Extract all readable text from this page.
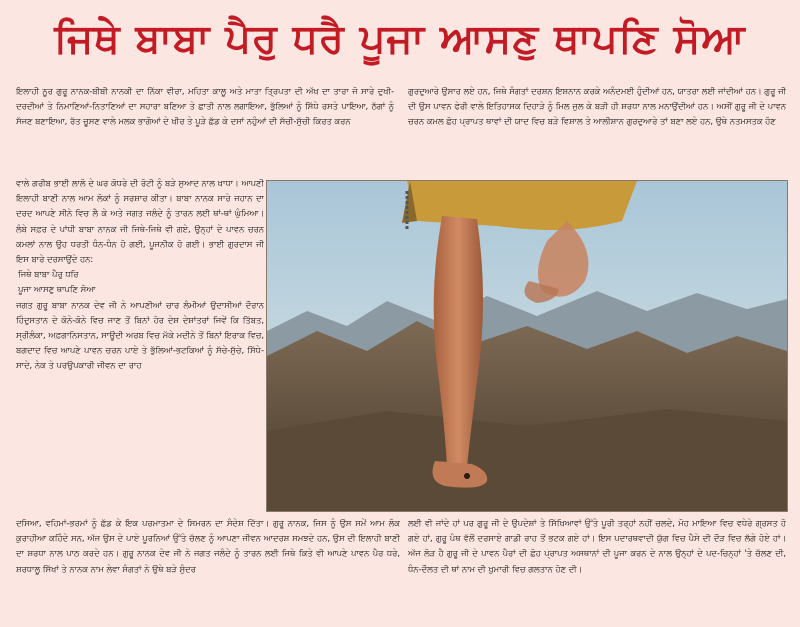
ਜਿਥੇ ਬਾਬਾ ਪੈਰੁ ਧਰੈ ਪੂਜਾ ਆਸਣੁ ਥਾਪਣਿ ਸੋਆ

ਇਲਾਹੀ ਨੂਰ ਗੁਰੂ ਨਾਨਕ-ਬੀਬੀ ਨਾਨਕੀ ਦਾ ਨਿੱਕਾ ਵੀਰਾ, ਮਹਿਤਾ ਕਾਲੂ ਅਤੇ ਮਾਤਾ ਤ੍ਰਿਪਤਾ ਦੀ ਅੱਖ ਦਾ ਤਾਰਾ ਜੋ ਸਾਰੇ ਦੁਖੀ-ਦਰਦੀਆਂ ਤੇ ਨਿਮਾਣਿਆਂ-ਨਿਤਾਣਿਆਂ ਦਾ ਸਹਾਰਾ ਬਣਿਆ ਤੇ ਛਾਤੀ ਨਾਲ ਲਗਾਇਆ, ਭੁੱਲਿਆਂ ਨੂੰ ਸਿੱਧੇ ਰਸਤੇ ਪਾਇਆ, ਠੱਗਾਂ ਨੂੰ ਸੱਜਣ ਬਣਾਇਆ, ਰੱਤ ਚੂਸਣ ਵਾਲੇ ਮਲਕ ਭਾਗੋਆਂ ਦੇ ਖੀਰ ਤੇ ਪੂੜੇ ਛੱਡ ਕੇ ਦਸਾਂ ਨਹੁੰਆਂ ਦੀ ਸੱਚੀ-ਸੁੱਚੀ ਕਿਰਤ ਕਰਨ

ਗੁਰਦੁਆਰੇ ਉਸਾਰ ਲਏ ਹਨ, ਜਿਥੇ ਸੰਗਤਾਂ ਦਰਸ਼ਨ ਇਸ਼ਨਾਨ ਕਰਕੇ ਅਨੰਦਮਈ ਹੁੰਦੀਆਂ ਹਨ, ਯਾਤਰਾ ਲਈ ਜਾਂਦੀਆਂ ਹਨ। ਗੁਰੂ ਜੀ ਦੀ ਉਸ ਪਾਵਨ ਫੇਰੀ ਵਾਲੇ ਇਤਿਹਾਸਕ ਦਿਹਾੜੇ ਨੂੰ ਮਿਲ ਜੁਲ ਕੇ ਬੜੀ ਹੀ ਸ਼ਰਧਾ ਨਾਲ ਮਨਾਉਂਦੀਆਂ ਹਨ। ਅਸੀਂ ਗੁਰੂ ਜੀ ਦੇ ਪਾਵਨ ਚਰਨ ਕਮਲ ਛੋਹ ਪ੍ਰਾਪਤ ਥਾਵਾਂ ਦੀ ਯਾਦ ਵਿਚ ਬੜੇ ਵਿਸ਼ਾਲ ਤੇ ਆਲੀਸ਼ਾਨ ਗੁਰਦੁਆਰੇ ਤਾਂ ਬਣਾ ਲਏ ਹਨ, ਉਥੇ ਨਤਮਸਤਕ ਹੋਣ

ਵਾਲੇ ਗਰੀਬ ਭਾਈ ਲਾਲੋ ਦੇ ਘਰ ਕੋਧਰੇ ਦੀ ਰੋਟੀ ਨੂੰ ਬੜੇ ਸੁਆਦ ਨਾਲ ਖਾਧਾ। ਆਪਣੀ ਇਲਾਹੀ ਬਾਣੀ ਨਾਲ ਆਮ ਲੋਕਾਂ ਨੂੰ ਸਰਸ਼ਾਰ ਕੀਤਾ। ਬਾਬਾ ਨਾਨਕ ਸਾਰੇ ਜਹਾਨ ਦਾ ਦਰਦ ਆਪਣੇ ਸੀਨੇ ਵਿਚ ਲੈ ਕੇ ਅਤੇ ਜਗਤ ਜਲੰਦੇ ਨੂੰ ਤਾਰਨ ਲਈ ਥਾਂ-ਥਾਂ ਘੁੰਮਿਆ। ਲੰਬੇ ਸਫ਼ਰ ਦੇ ਪਾਂਧੀ ਬਾਬਾ ਨਾਨਕ ਜੀ ਜਿਥੇ-ਜਿਥੇ ਵੀ ਗਏ, ਉਨ੍ਹਾਂ ਦੇ ਪਾਵਨ ਚਰਨ ਕਮਲਾਂ ਨਾਲ ਉਹ ਧਰਤੀ ਧੰਨ-ਧੰਨ ਹੋ ਗਈ, ਪੂਜਨੀਕ ਹੋ ਗਈ। ਭਾਈ ਗੁਰਦਾਸ ਜੀ ਇਸ ਬਾਰੇ ਦਰਸਾਉਂਦੇ ਹਨ:

ਜਿਥੇ ਬਾਬਾ ਪੈਰੁ ਧਰਿ

ਪੂਜਾ ਆਸਣੁ ਥਾਪਣਿ ਸੋਆ

ਜਗਤ ਗੁਰੂ ਬਾਬਾ ਨਾਨਕ ਦੇਵ ਜੀ ਨੇ ਆਪਣੀਆਂ ਚਾਰ ਲੰਮੀਆਂ ਉਦਾਸੀਆਂ ਦੌਰਾਨ ਹਿੰਦੁਸਤਾਨ ਦੇ ਕੋਨੇ-ਕੋਨੇ ਵਿਚ ਜਾਣ ਤੋਂ ਬਿਨਾਂ ਹੋਰ ਦੇਸ਼ ਦੇਸ਼ਾਂਤਰਾਂ ਜਿਵੇਂ ਕਿ ਤਿੱਬਤ, ਸ੍ਰੀਲੰਕਾ, ਅਫ਼ਗਾਨਿਸਤਾਨ, ਸਾਊਦੀ ਅਰਬ ਵਿਚ ਮੱਕੇ ਮਦੀਨੇ ਤੋਂ ਬਿਨਾਂ ਇਰਾਕ ਵਿਚ, ਬਗਦਾਦ ਵਿਚ ਆਪਣੇ ਪਾਵਨ ਚਰਨ ਪਾਏ ਤੇ ਭੁੱਲਿਆਂ-ਭਟਕਿਆਂ ਨੂੰ ਸੱਚੇ-ਸੁੱਚੇ, ਸਿੱਧੇ-ਸਾਦੇ, ਨੇਕ ਤੇ ਪਰਉਪਕਾਰੀ ਜੀਵਨ ਦਾ ਰਾਹ

ਦਸਿਆ, ਵਹਿਮਾਂ-ਭਰਮਾਂ ਨੂੰ ਛੱਡ ਕੇ ਇਕ ਪਰਮਾਤਮਾ ਦੇ ਸਿਮਰਨ ਦਾ ਸੰਦੇਸ਼ ਦਿੱਤਾ। ਗੁਰੂ ਨਾਨਕ, ਜਿਸ ਨੂੰ ਉਸ ਸਮੇਂ ਆਮ ਲੋਕ ਕੁਰਾਹੀਆ ਕਹਿੰਦੇ ਸਨ, ਅੱਜ ਉਸ ਦੇ ਪਾਏ ਪੂਰਨਿਆਂ ਉੱਤੇ ਚੱਲਣ ਨੂੰ ਆਪਣਾ ਜੀਵਨ ਆਦਰਸ਼ ਸਮਝਦੇ ਹਨ, ਉਸ ਦੀ ਇਲਾਹੀ ਬਾਣੀ ਦਾ ਸ਼ਰਧਾ ਨਾਲ ਪਾਠ ਕਰਦੇ ਹਨ। ਗੁਰੂ ਨਾਨਕ ਦੇਵ ਜੀ ਨੇ ਜਗਤ ਜਲੰਦੇ ਨੂੰ ਤਾਰਨ ਲਈ ਜਿਥੇ ਕਿਤੇ ਵੀ ਆਪਣੇ ਪਾਵਨ ਪੈਰ ਧਰੇ, ਸ਼ਰਧਾਲੂ ਸਿੱਖਾਂ ਤੇ ਨਾਨਕ ਨਾਮ ਲੇਵਾ ਸੰਗਤਾਂ ਨੇ ਉਥੇ ਬੜੇ ਸੁੰਦਰ

ਲਈ ਵੀ ਜਾਂਦੇ ਹਾਂ ਪਰ ਗੁਰੂ ਜੀ ਦੇ ਉਪਦੇਸ਼ਾਂ ਤੇ ਸਿੱਖਿਆਵਾਂ ਉੱਤੇ ਪੂਰੀ ਤਰ੍ਹਾਂ ਨਹੀਂ ਚਲਦੇ, ਮੋਹ ਮਾਇਆ ਵਿਚ ਵਧੇਰੇ ਗ੍ਰਸਤ ਹੋ ਗਏ ਹਾਂ, ਗੁਰੂ ਪੰਥ ਵੱਲੋਂ ਦਰਸਾਏ ਗਾਡੀ ਰਾਹ ਤੋਂ ਭਟਕ ਗਏ ਹਾਂ। ਇਸ ਪਦਾਰਥਵਾਦੀ ਯੁੱਗ ਵਿਚ ਪੈਸੇ ਦੀ ਦੌੜ ਵਿਚ ਲੱਗੇ ਹੋਏ ਹਾਂ। ਅੱਜ ਲੋੜ ਹੈ ਗੁਰੂ ਜੀ ਦੇ ਪਾਵਨ ਪੈਰਾਂ ਦੀ ਛੋਹ ਪ੍ਰਾਪਤ ਅਸਥਾਨਾਂ ਦੀ ਪੂਜਾ ਕਰਨ ਦੇ ਨਾਲ ਉਨ੍ਹਾਂ ਦੇ ਪਦ-ਚਿਨ੍ਹਾਂ 'ਤੇ ਚੱਲਣ ਦੀ, ਧੰਨ-ਦੌਲਤ ਦੀ ਥਾਂ ਨਾਮ ਦੀ ਖ਼ੁਮਾਰੀ ਵਿਚ ਗਲਤਾਨ ਹੋਣ ਦੀ।
